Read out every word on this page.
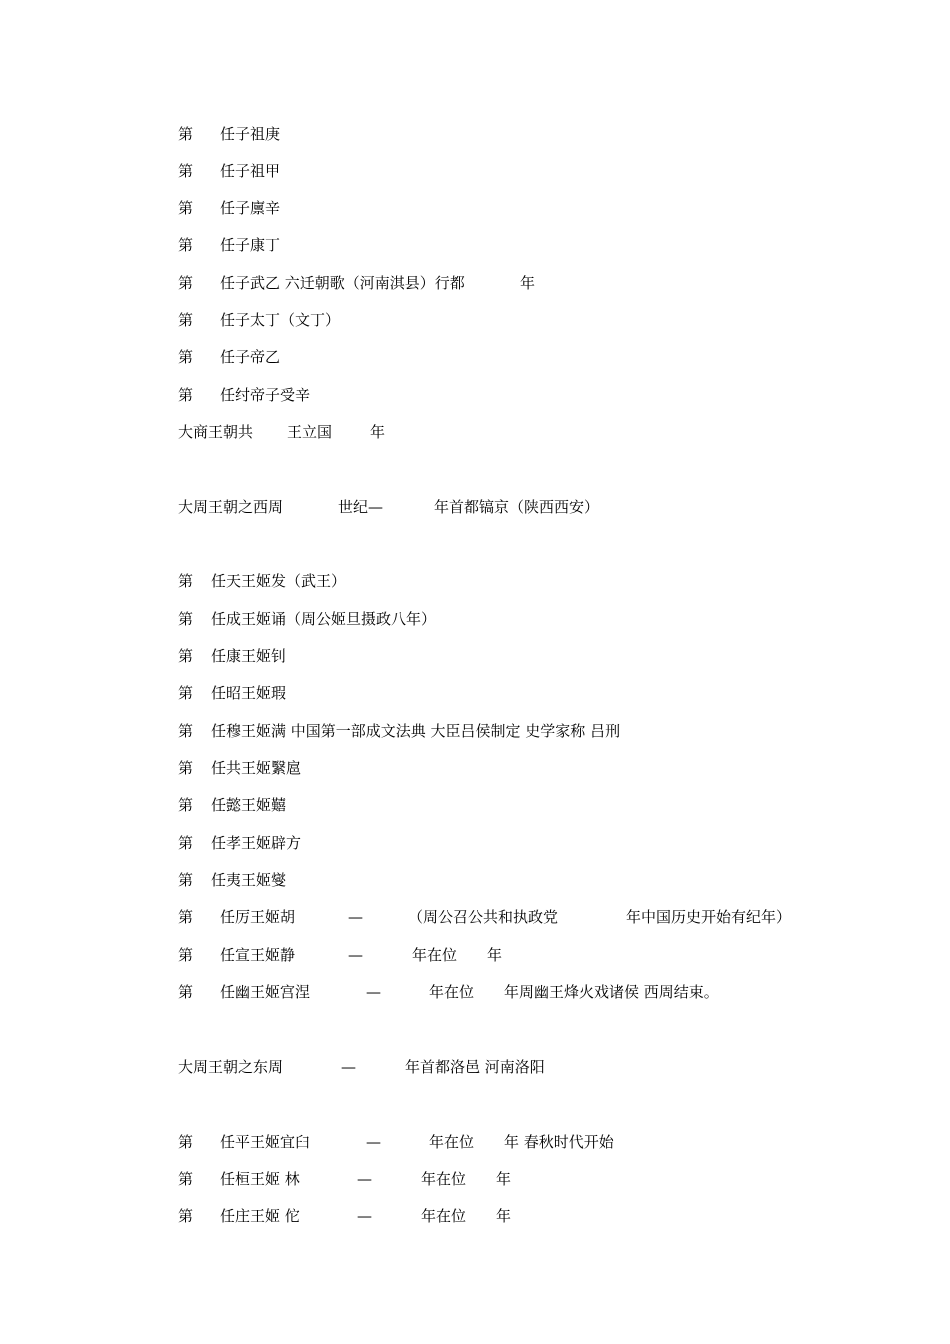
第 任子祖庚
第 任子祖甲
第 任子廪辛
第 任子康丁
第 任子武乙 六迁朝歌（河南淇县）行都	年
第 任子太丁（文丁）
第 任子帝乙
第 任纣帝子受辛
大商王朝共 王立国	年
大周王朝之西周	世纪—	年首都镐京（陕西西安）
第 任天王姬发（武王）
第 任成王姬诵（周公姬旦摄政八年）
第 任康王姬钊
第 任昭王姬瑕
第 任穆王姬满 中国第一部成文法典 大臣吕侯制定 史学家称 吕刑
第 任共王姬繄扈
第 任懿王姬囏
第 任孝王姬辟方
第 任夷王姬燮
第 任厉王姬胡	—	（周公召公共和执政党	年中国历史开始有纪年）
第 任宣王姬静	—	年在位 年
第 任幽王姬宫涅	—	年在位 年周幽王烽火戏诸侯 西周结束。
大周王朝之东周	—	年首都洛邑 河南洛阳
第 任平王姬宜臼	—	年在位 年 春秋时代开始
第 任桓王姬 林	—	年在位 年
第 任庄王姬 佗	—	年在位 年
